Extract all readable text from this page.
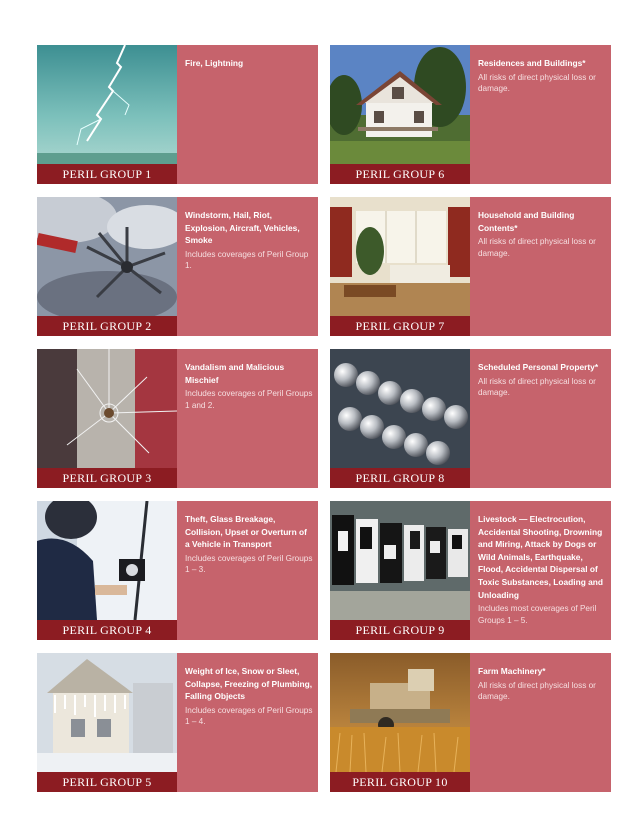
PERIL GROUP 1
Fire, Lightning
PERIL GROUP 6
Residences and Buildings*
All risks of direct physical loss or damage.
PERIL GROUP 2
Windstorm, Hail, Riot, Explosion, Aircraft, Vehicles, Smoke
Includes coverages of Peril Group 1.
PERIL GROUP 7
Household and Building Contents*
All risks of direct physical loss or damage.
PERIL GROUP 3
Vandalism and Malicious Mischief
Includes coverages of Peril Groups 1 and 2.
PERIL GROUP 8
Scheduled Personal Property*
All risks of direct physical loss or damage.
PERIL GROUP 4
Theft, Glass Breakage, Collision, Upset or Overturn of a Vehicle in Transport
Includes coverages of Peril Groups 1 – 3.
PERIL GROUP 9
Livestock — Electrocution, Accidental Shooting, Drowning and Miring, Attack by Dogs or Wild Animals, Earthquake, Flood, Accidental Dispersal of Toxic Substances, Loading and Unloading
Includes most coverages of Peril Groups 1 – 5.
PERIL GROUP 5
Weight of Ice, Snow or Sleet, Collapse, Freezing of Plumbing, Falling Objects
Includes coverages of Peril Groups 1 – 4.
PERIL GROUP 10
Farm Machinery*
All risks of direct physical loss or damage.
